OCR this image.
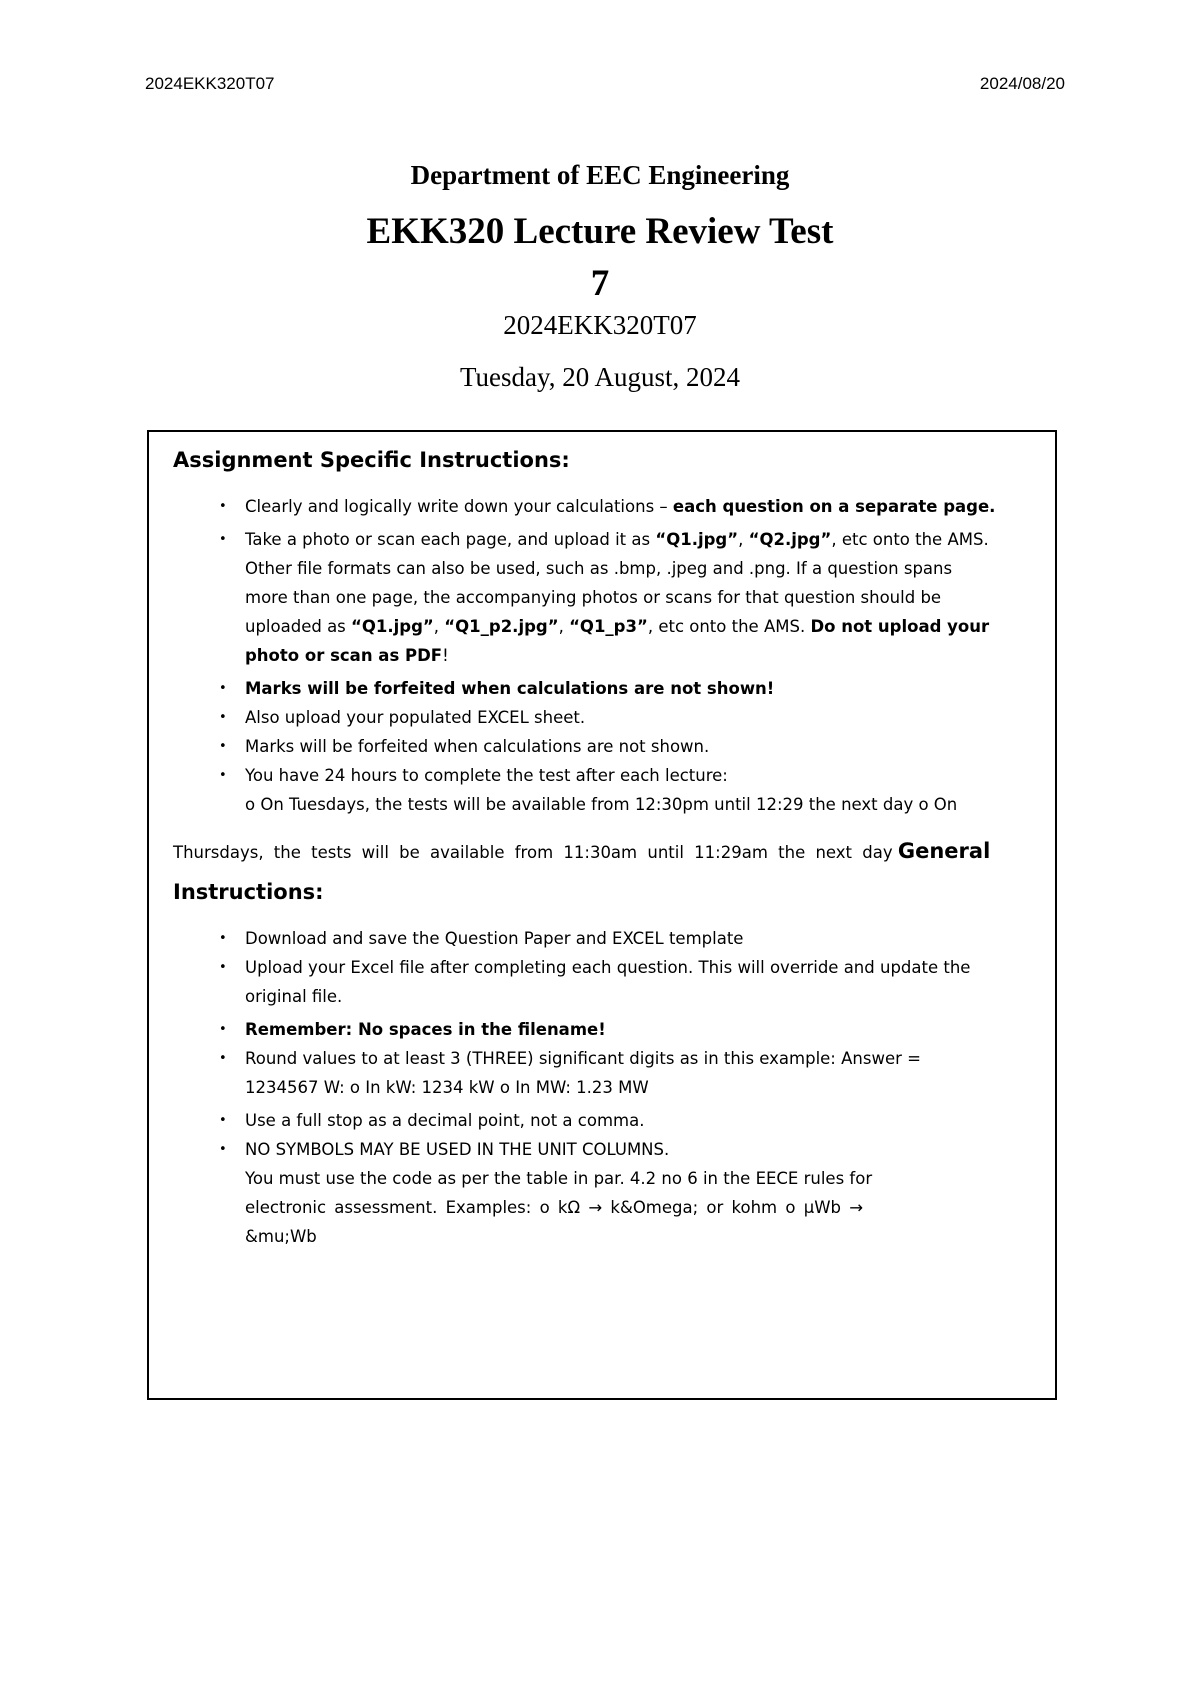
2024EKK320T07	2024/08/20
Department of EEC Engineering
EKK320 Lecture Review Test
7
2024EKK320T07
Tuesday, 20 August, 2024
Assignment Specific Instructions:
• Clearly and logically write down your calculations – each question on a separate page.
• Take a photo or scan each page, and upload it as “Q1.jpg”, “Q2.jpg”, etc onto the AMS.
Other file formats can also be used, such as .bmp, .jpeg and .png. If a question spans
more than one page, the accompanying photos or scans for that question should be
uploaded as “Q1.jpg”, “Q1_p2.jpg”, “Q1_p3”, etc onto the AMS. Do not upload your
photo or scan as PDF!
• Marks will be forfeited when calculations are not shown!
• Also upload your populated EXCEL sheet.
• Marks will be forfeited when calculations are not shown.
• You have 24 hours to complete the test after each lecture:
o On Tuesdays, the tests will be available from 12:30pm until 12:29 the next day o On
Thursdays, the tests will be available from 11:30am until 11:29am the next day General
Instructions:
• Download and save the Question Paper and EXCEL template
• Upload your Excel file after completing each question. This will override and update the
original file.
• Remember: No spaces in the filename!
• Round values to at least 3 (THREE) significant digits as in this example: Answer =
1234567 W: o In kW: 1234 kW o In MW: 1.23 MW
• Use a full stop as a decimal point, not a comma.
• NO SYMBOLS MAY BE USED IN THE UNIT COLUMNS.
You must use the code as per the table in par. 4.2 no 6 in the EECE rules for
electronic assessment. Examples: o kΩ → k&Omega; or kohm o µWb →
&mu;Wb
